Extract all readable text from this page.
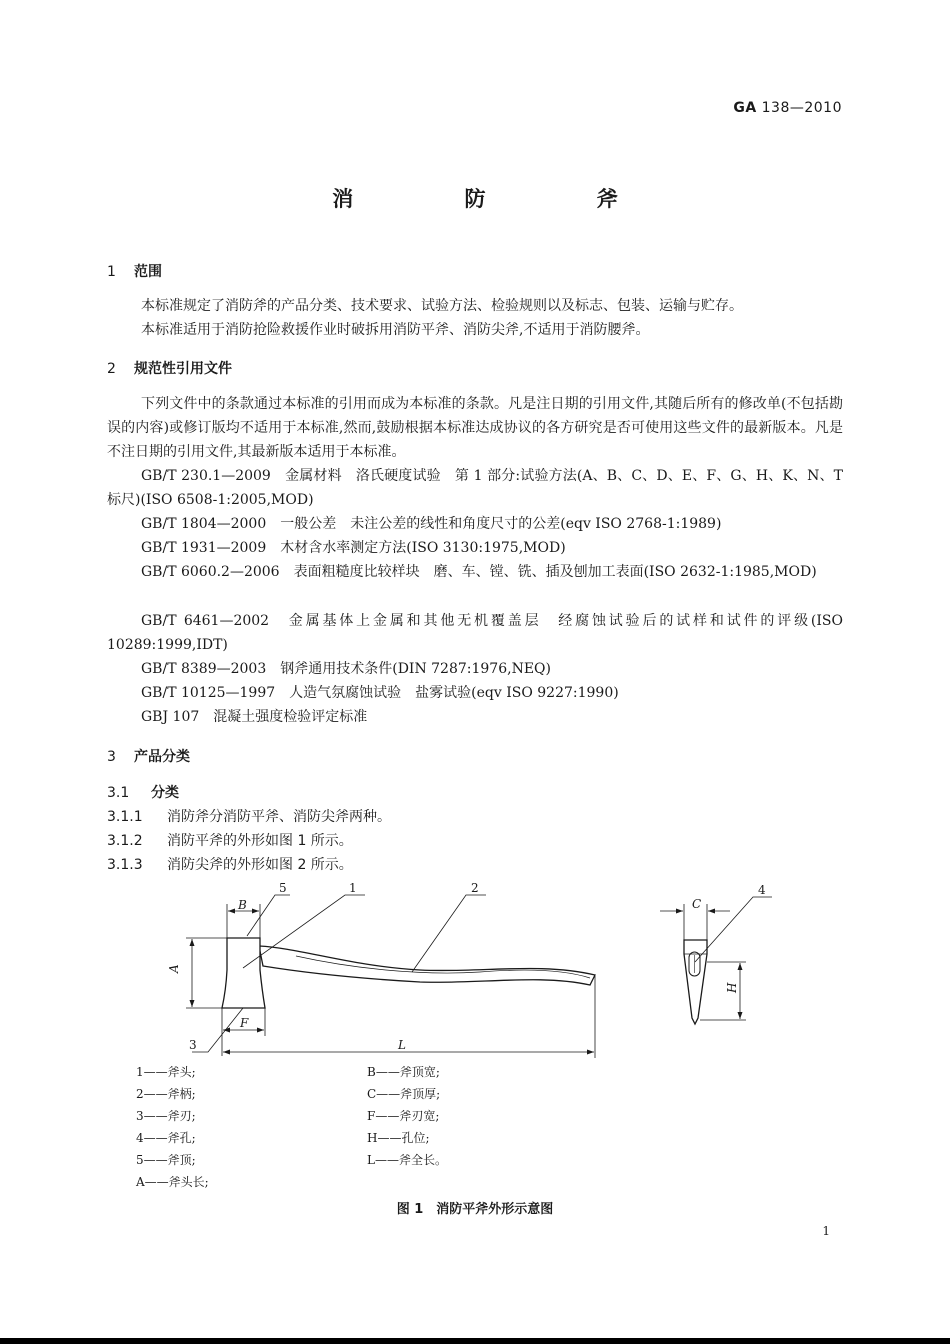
GA 138—2010
消 防 斧
1 范围
本标准规定了消防斧的产品分类、技术要求、试验方法、检验规则以及标志、包装、运输与贮存。
本标准适用于消防抢险救援作业时破拆用消防平斧、消防尖斧,不适用于消防腰斧。
2 规范性引用文件
下列文件中的条款通过本标准的引用而成为本标准的条款。凡是注日期的引用文件,其随后所有的修改单(不包括勘误的内容)或修订版均不适用于本标准,然而,鼓励根据本标准达成协议的各方研究是否可使用这些文件的最新版本。凡是不注日期的引用文件,其最新版本适用于本标准。
GB/T 230.1—2009　金属材料　洛氏硬度试验　第 1 部分:试验方法(A、B、C、D、E、F、G、H、K、N、T 标尺)(ISO 6508-1:2005,MOD)
GB/T 1804—2000　一般公差　未注公差的线性和角度尺寸的公差(eqv ISO 2768-1:1989)
GB/T 1931—2009　木材含水率测定方法(ISO 3130:1975,MOD)
GB/T 6060.2—2006　表面粗糙度比较样块　磨、车、镗、铣、插及刨加工表面(ISO 2632-1:1985,MOD)
GB/T 6461—2002　金属基体上金属和其他无机覆盖层　经腐蚀试验后的试样和试件的评级(ISO 10289:1999,IDT)
GB/T 8389—2003　钢斧通用技术条件(DIN 7287:1976,NEQ)
GB/T 10125—1997　人造气氛腐蚀试验　盐雾试验(eqv ISO 9227:1990)
GBJ 107　混凝土强度检验评定标准
3 产品分类
3.1 分类
3.1.1 消防斧分消防平斧、消防尖斧两种。
3.1.2 消防平斧的外形如图 1 所示。
3.1.3 消防尖斧的外形如图 2 所示。
B
A
F
L
5	1	2
3
C
H
4
1——斧头;
2——斧柄;
3——斧刃;
4——斧孔;
5——斧顶;
A——斧头长;
B——斧顶宽;
C——斧顶厚;
F——斧刃宽;
H——孔位;
L——斧全长。
图 1　消防平斧外形示意图
1
